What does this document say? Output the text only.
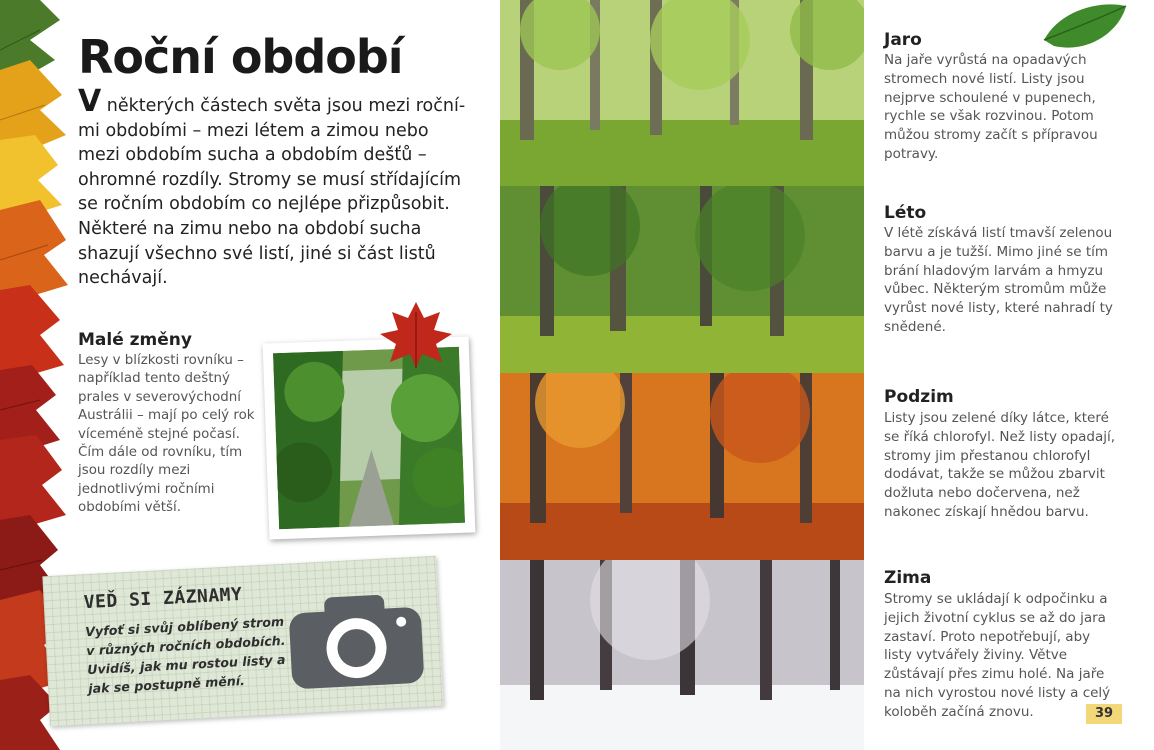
Roční období

V některých částech světa jsou mezi roční-mi obdobími – mezi létem a zimou nebo mezi obdobím sucha a obdobím dešťů – ohromné rozdíly. Stromy se musí střídajícím se ročním obdobím co nejlépe přizpůsobit. Některé na zimu nebo na období sucha shazují všechno své listí, jiné si část listů nechávají.

Malé změny

Lesy v blízkosti rovníku – například tento deštný prales v severovýchodní Austrálii – mají po celý rok víceméně stejné počasí. Čím dále od rovníku, tím jsou rozdíly mezi jednotlivými ročními obdobími větší.

VEĎ SI ZÁZNAMY

Vyfoť si svůj oblíbený strom v různých ročních obdobích. Uvidíš, jak mu rostou listy a jak se postupně mění.

Jaro

Na jaře vyrůstá na opadavých stromech nové listí. Listy jsou nejprve schoulené v pupenech, rychle se však rozvinou. Potom můžou stromy začít s přípravou potravy.

Léto

V létě získává listí tmavší zelenou barvu a je tužší. Mimo jiné se tím brání hladovým larvám a hmyzu vůbec. Některým stromům může vyrůst nové listy, které nahradí ty snědené.

Podzim

Listy jsou zelené díky látce, které se říká chlorofyl. Než listy opadají, stromy jim přestanou chlorofyl dodávat, takže se můžou zbarvit dožluta nebo dočervena, než nakonec získají hnědou barvu.

Zima

Stromy se ukládají k odpočinku a jejich životní cyklus se až do jara zastaví. Proto nepotřebují, aby listy vytvářely živiny. Větve zůstávají přes zimu holé. Na jaře na nich vyrostou nové listy a celý koloběh začíná znovu.	39
